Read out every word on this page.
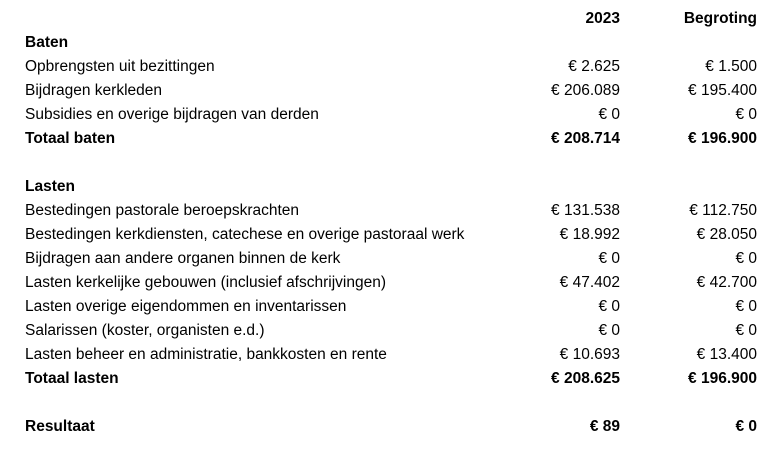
2023	Begroting
Baten
Opbrengsten uit bezittingen	€ 2.625	€ 1.500
Bijdragen kerkleden	€ 206.089	€ 195.400
Subsidies en overige bijdragen van derden	€ 0	€ 0
Totaal baten	€ 208.714	€ 196.900
Lasten
Bestedingen pastorale beroepskrachten	€ 131.538	€ 112.750
Bestedingen kerkdiensten, catechese en overige pastoraal werk	€ 18.992	€ 28.050
Bijdragen aan andere organen binnen de kerk	€ 0	€ 0
Lasten kerkelijke gebouwen (inclusief afschrijvingen)	€ 47.402	€ 42.700
Lasten overige eigendommen en inventarissen	€ 0	€ 0
Salarissen (koster, organisten e.d.)	€ 0	€ 0
Lasten beheer en administratie, bankkosten en rente	€ 10.693	€ 13.400
Totaal lasten	€ 208.625	€ 196.900
Resultaat	€ 89	€ 0
